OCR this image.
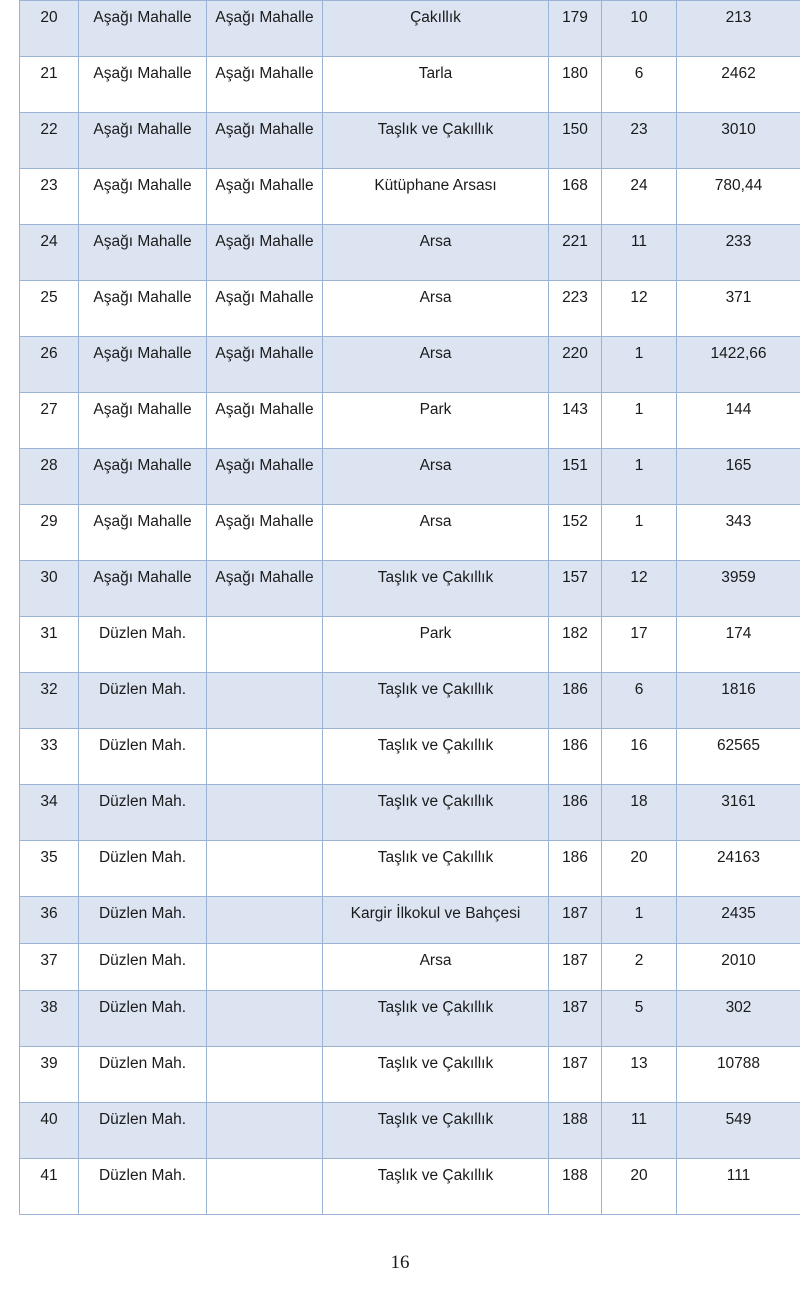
20	Aşağı Mahalle	Aşağı Mahalle	Çakıllık	179	10	213
21	Aşağı Mahalle	Aşağı Mahalle	Tarla	180	6	2462
22	Aşağı Mahalle	Aşağı Mahalle	Taşlık ve Çakıllık	150	23	3010
23	Aşağı Mahalle	Aşağı Mahalle	Kütüphane Arsası	168	24	780,44
24	Aşağı Mahalle	Aşağı Mahalle	Arsa	221	11	233
25	Aşağı Mahalle	Aşağı Mahalle	Arsa	223	12	371
26	Aşağı Mahalle	Aşağı Mahalle	Arsa	220	1	1422,66
27	Aşağı Mahalle	Aşağı Mahalle	Park	143	1	144
28	Aşağı Mahalle	Aşağı Mahalle	Arsa	151	1	165
29	Aşağı Mahalle	Aşağı Mahalle	Arsa	152	1	343
30	Aşağı Mahalle	Aşağı Mahalle	Taşlık ve Çakıllık	157	12	3959
31	Düzlen Mah.		Park	182	17	174
32	Düzlen Mah.		Taşlık ve Çakıllık	186	6	1816
33	Düzlen Mah.		Taşlık ve Çakıllık	186	16	62565
34	Düzlen Mah.		Taşlık ve Çakıllık	186	18	3161
35	Düzlen Mah.		Taşlık ve Çakıllık	186	20	24163
36	Düzlen Mah.		Kargir İlkokul ve Bahçesi	187	1	2435
37	Düzlen Mah.		Arsa	187	2	2010
38	Düzlen Mah.		Taşlık ve Çakıllık	187	5	302
39	Düzlen Mah.		Taşlık ve Çakıllık	187	13	10788
40	Düzlen Mah.		Taşlık ve Çakıllık	188	11	549
41	Düzlen Mah.		Taşlık ve Çakıllık	188	20	111
16
